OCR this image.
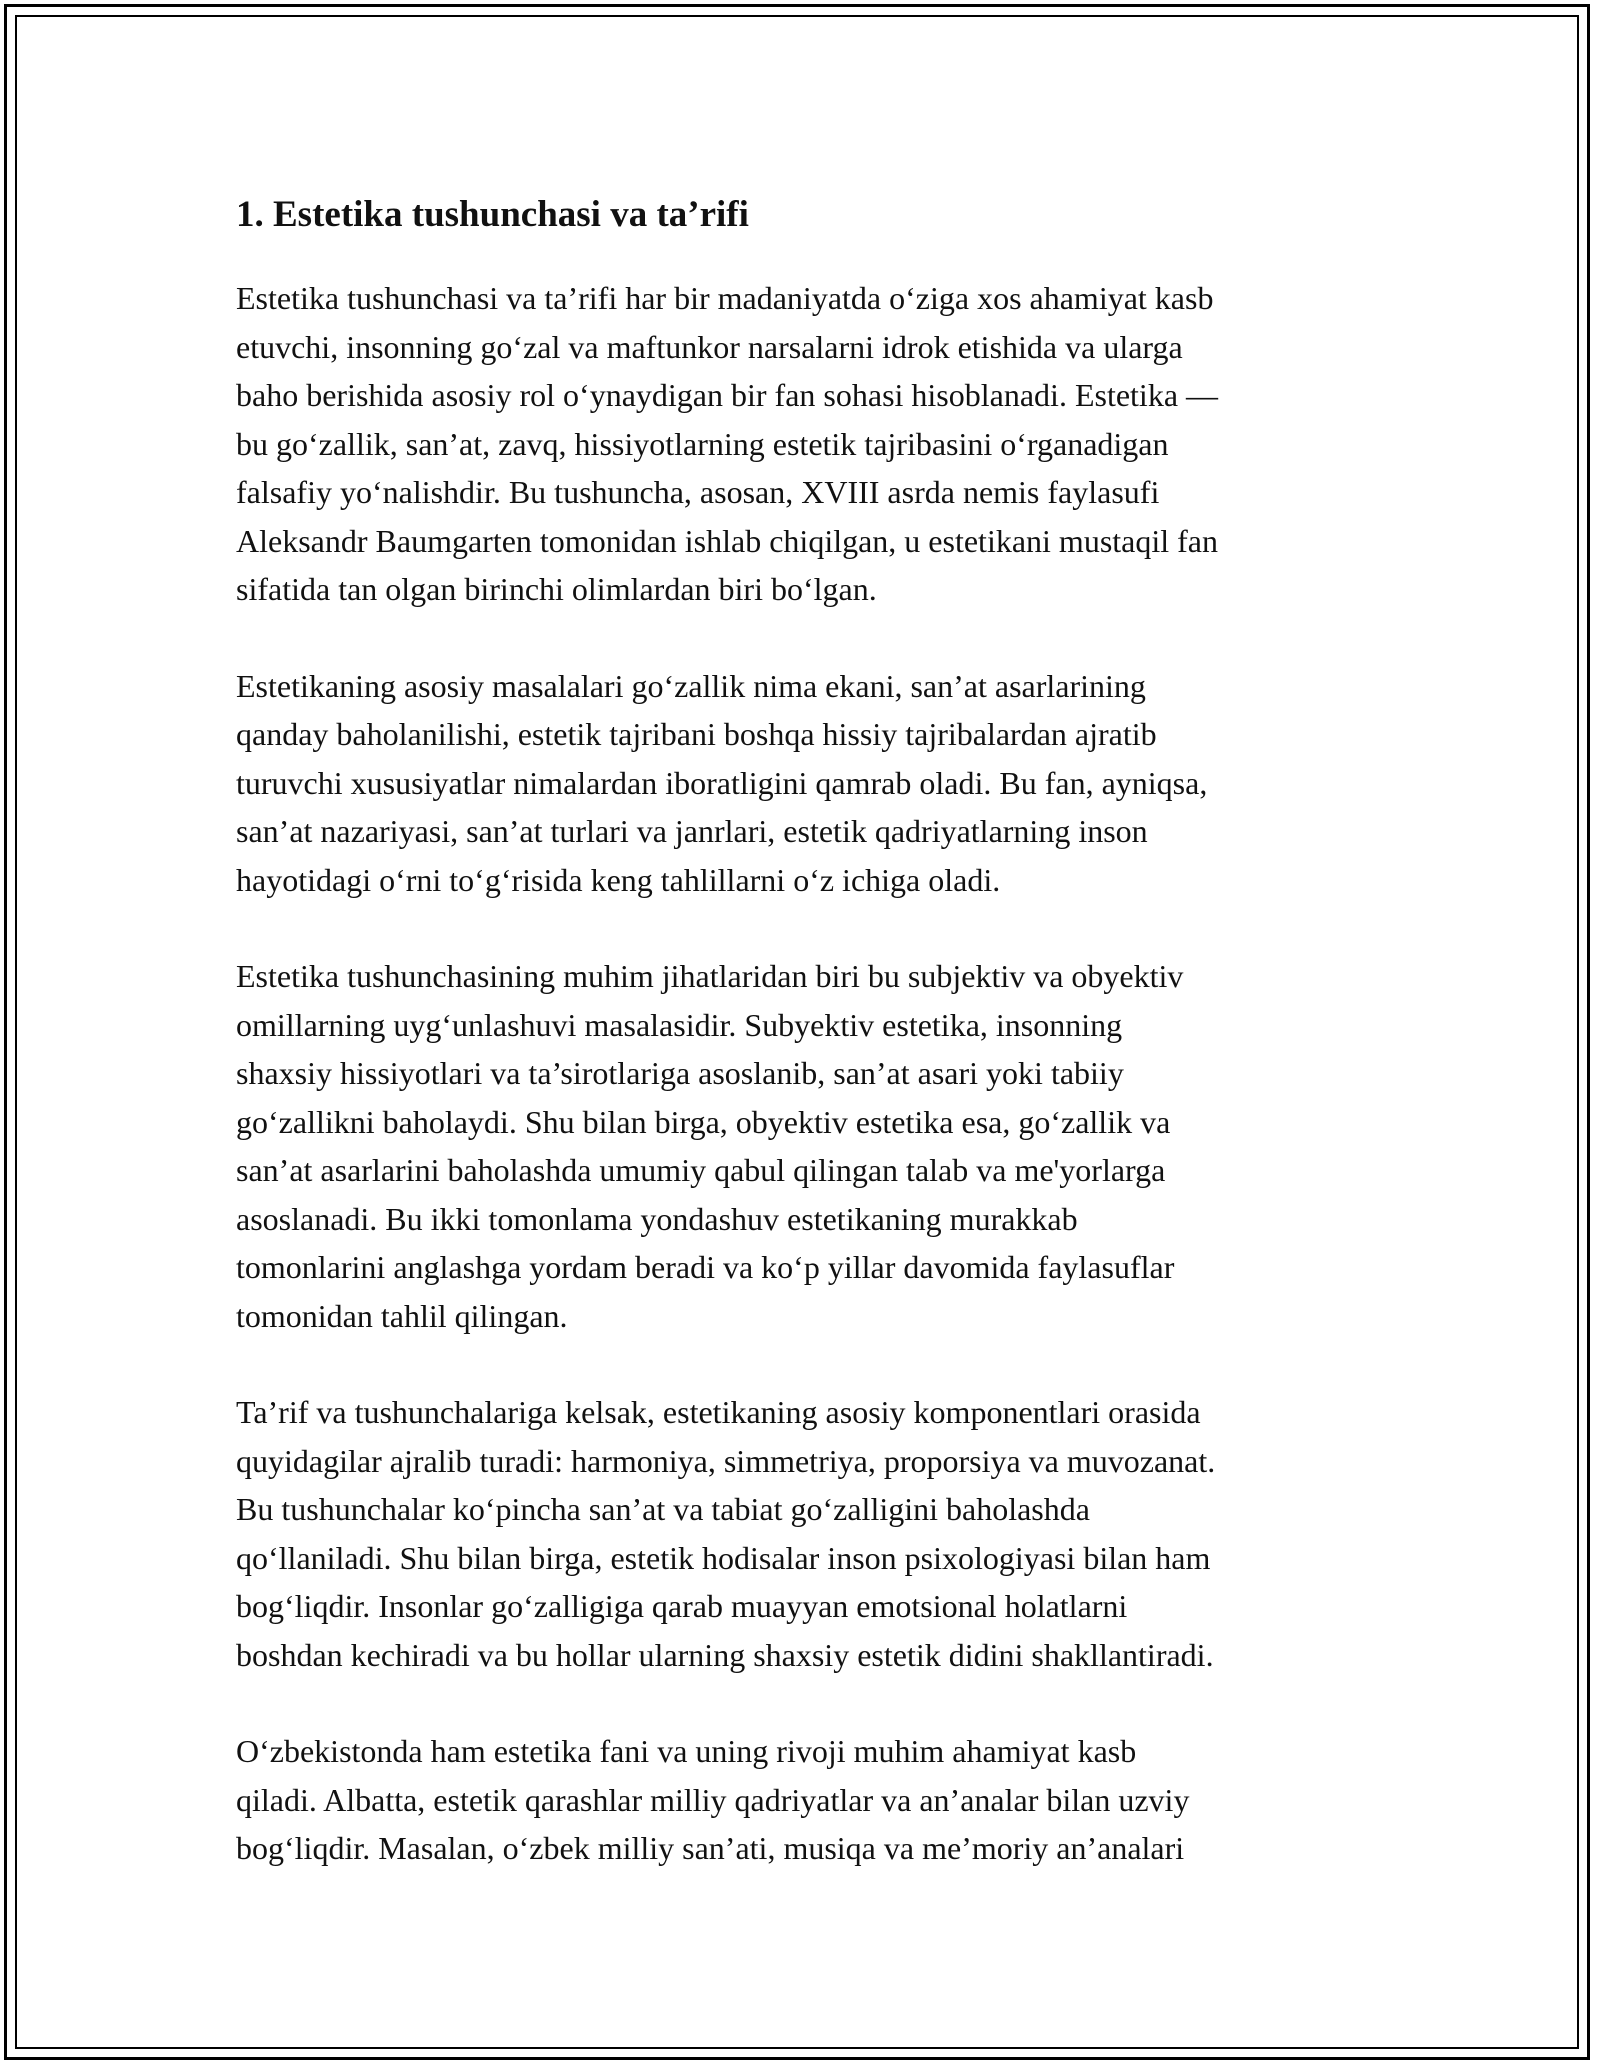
1. Estetika tushunchasi va ta’rifi

Estetika tushunchasi va ta’rifi har bir madaniyatda o‘ziga xos ahamiyat kasb
etuvchi, insonning go‘zal va maftunkor narsalarni idrok etishida va ularga
baho berishida asosiy rol o‘ynaydigan bir fan sohasi hisoblanadi. Estetika —
bu go‘zallik, san’at, zavq, hissiyotlarning estetik tajribasini o‘rganadigan
falsafiy yo‘nalishdir. Bu tushuncha, asosan, XVIII asrda nemis faylasufi
Aleksandr Baumgarten tomonidan ishlab chiqilgan, u estetikani mustaqil fan
sifatida tan olgan birinchi olimlardan biri bo‘lgan.

Estetikaning asosiy masalalari go‘zallik nima ekani, san’at asarlarining
qanday baholanilishi, estetik tajribani boshqa hissiy tajribalardan ajratib
turuvchi xususiyatlar nimalardan iboratligini qamrab oladi. Bu fan, ayniqsa,
san’at nazariyasi, san’at turlari va janrlari, estetik qadriyatlarning inson
hayotidagi o‘rni to‘g‘risida keng tahlillarni o‘z ichiga oladi.

Estetika tushunchasining muhim jihatlaridan biri bu subjektiv va obyektiv
omillarning uyg‘unlashuvi masalasidir. Subyektiv estetika, insonning
shaxsiy hissiyotlari va ta’sirotlariga asoslanib, san’at asari yoki tabiiy
go‘zallikni baholaydi. Shu bilan birga, obyektiv estetika esa, go‘zallik va
san’at asarlarini baholashda umumiy qabul qilingan talab va me'yorlarga
asoslanadi. Bu ikki tomonlama yondashuv estetikaning murakkab
tomonlarini anglashga yordam beradi va ko‘p yillar davomida faylasuflar
tomonidan tahlil qilingan.

Ta’rif va tushunchalariga kelsak, estetikaning asosiy komponentlari orasida
quyidagilar ajralib turadi: harmoniya, simmetriya, proporsiya va muvozanat.
Bu tushunchalar ko‘pincha san’at va tabiat go‘zalligini baholashda
qo‘llaniladi. Shu bilan birga, estetik hodisalar inson psixologiyasi bilan ham
bog‘liqdir. Insonlar go‘zalligiga qarab muayyan emotsional holatlarni
boshdan kechiradi va bu hollar ularning shaxsiy estetik didini shakllantiradi.

O‘zbekistonda ham estetika fani va uning rivoji muhim ahamiyat kasb
qiladi. Albatta, estetik qarashlar milliy qadriyatlar va an’analar bilan uzviy
bog‘liqdir. Masalan, o‘zbek milliy san’ati, musiqa va me’moriy an’analari
